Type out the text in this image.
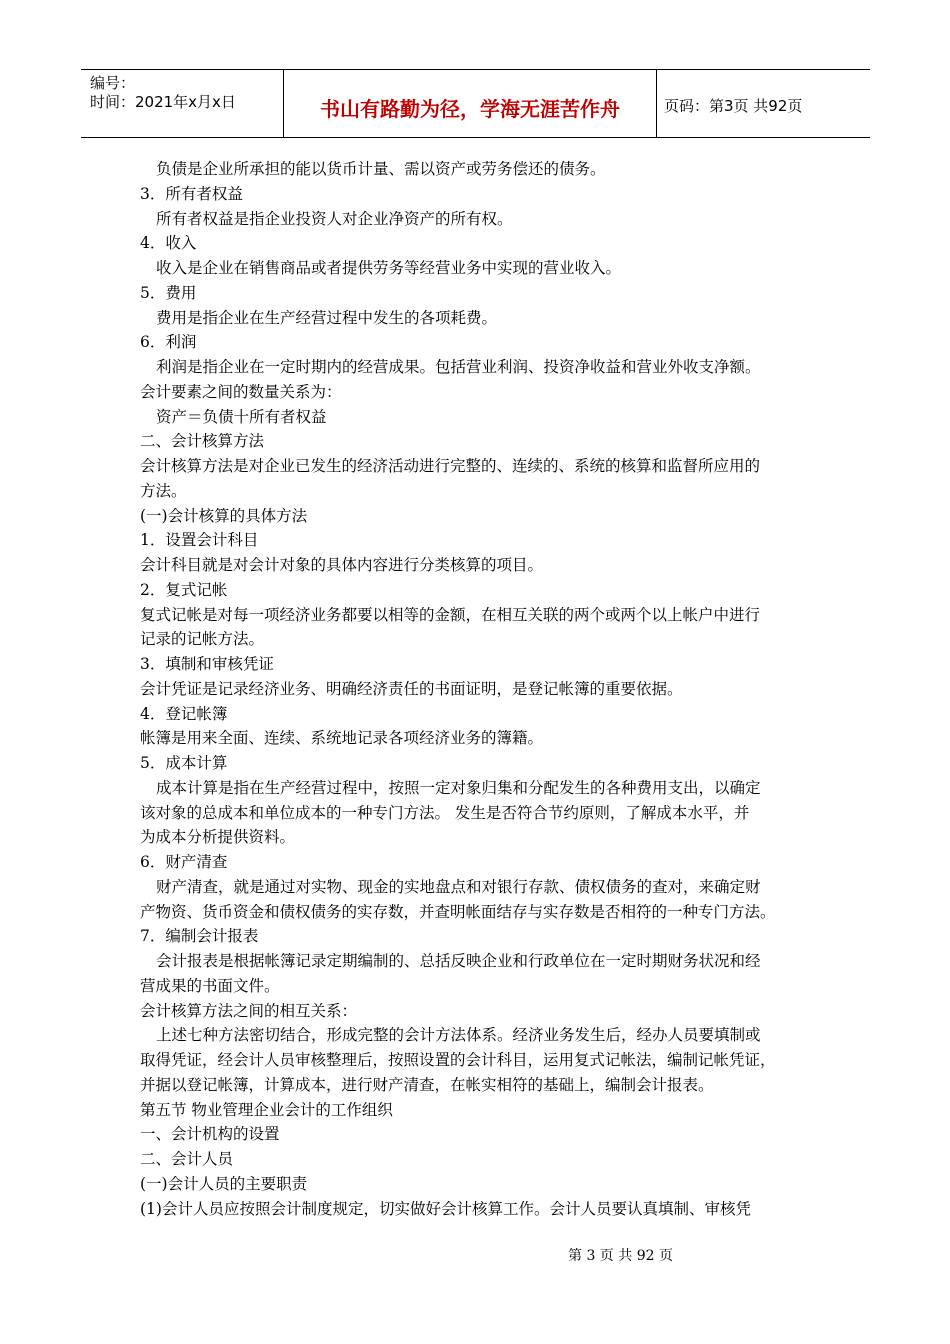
编号：
时间：2021年x月x日	书山有路勤为径，学海无涯苦作舟	页码：第3页 共92页
负债是企业所承担的能以货币计量、需以资产或劳务偿还的债务。
3．所有者权益
所有者权益是指企业投资人对企业净资产的所有权。
4．收入
收入是企业在销售商品或者提供劳务等经营业务中实现的营业收入。
5．费用
费用是指企业在生产经营过程中发生的各项耗费。
6．利润
利润是指企业在一定时期内的经营成果。包括营业利润、投资净收益和营业外收支净额。
会计要素之间的数量关系为：
资产＝负债十所有者权益
二、会计核算方法
会计核算方法是对企业已发生的经济活动进行完整的、连续的、系统的核算和监督所应用的
方法。
(一)会计核算的具体方法
1．设置会计科目
会计科目就是对会计对象的具体内容进行分类核算的项目。
2．复式记帐
复式记帐是对每一项经济业务都要以相等的金额，在相互关联的两个或两个以上帐户中进行
记录的记帐方法。
3．填制和审核凭证
会计凭证是记录经济业务、明确经济责任的书面证明，是登记帐簿的重要依据。
4．登记帐簿
帐簿是用来全面、连续、系统地记录各项经济业务的簿籍。
5．成本计算
成本计算是指在生产经营过程中，按照一定对象归集和分配发生的各种费用支出，以确定
该对象的总成本和单位成本的一种专门方法。 发生是否符合节约原则，了解成本水平，并
为成本分析提供资料。
6．财产清查
财产清查，就是通过对实物、现金的实地盘点和对银行存款、债权债务的查对，来确定财
产物资、货币资金和债权债务的实存数，并查明帐面结存与实存数是否相符的一种专门方法。
7．编制会计报表
会计报表是根据帐簿记录定期编制的、总括反映企业和行政单位在一定时期财务状况和经
营成果的书面文件。
会计核算方法之间的相互关系：
上述七种方法密切结合，形成完整的会计方法体系。经济业务发生后，经办人员要填制或
取得凭证，经会计人员审核整理后，按照设置的会计科目，运用复式记帐法，编制记帐凭证，
并据以登记帐簿，计算成本，进行财产清查，在帐实相符的基础上，编制会计报表。
第五节 物业管理企业会计的工作组织
一、会计机构的设置
二、会计人员
(一)会计人员的主要职责
(1)会计人员应按照会计制度规定，切实做好会计核算工作。会计人员要认真填制、审核凭
第 3 页 共 92 页
